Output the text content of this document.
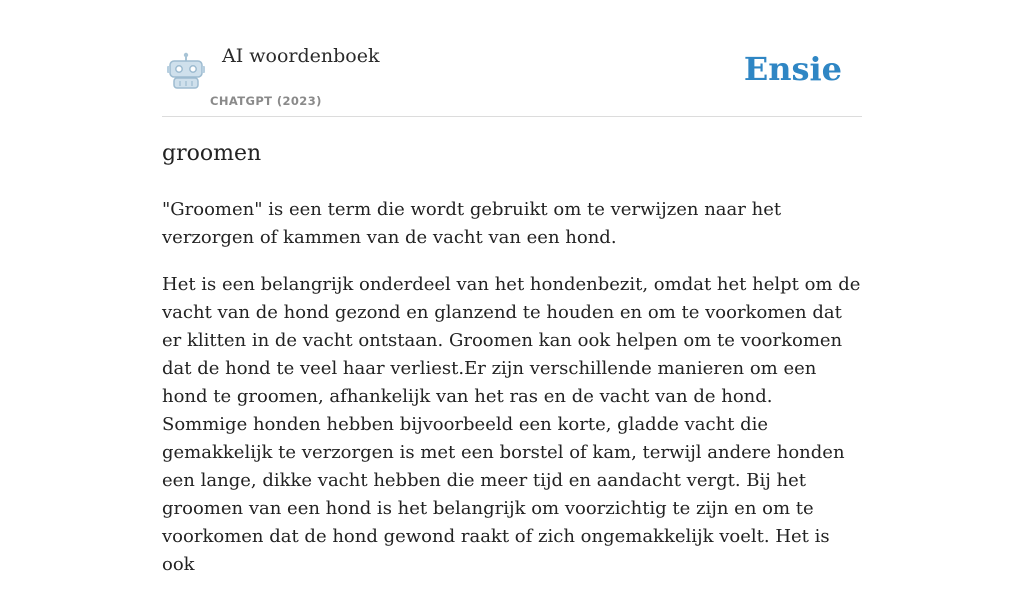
AI woordenboek
CHATGPT (2023)
Ensie
groomen

"Groomen" is een term die wordt gebruikt om te verwijzen naar het verzorgen of kammen van de vacht van een hond.

Het is een belangrijk onderdeel van het hondenbezit, omdat het helpt om de vacht van de hond gezond en glanzend te houden en om te voorkomen dat er klitten in de vacht ontstaan. Groomen kan ook helpen om te voorkomen dat de hond te veel haar verliest.Er zijn verschillende manieren om een hond te groomen, afhankelijk van het ras en de vacht van de hond. Sommige honden hebben bijvoorbeeld een korte, gladde vacht die gemakkelijk te verzorgen is met een borstel of kam, terwijl andere honden een lange, dikke vacht hebben die meer tijd en aandacht vergt. Bij het groomen van een hond is het belangrijk om voorzichtig te zijn en om te voorkomen dat de hond gewond raakt of zich ongemakkelijk voelt. Het is ook
